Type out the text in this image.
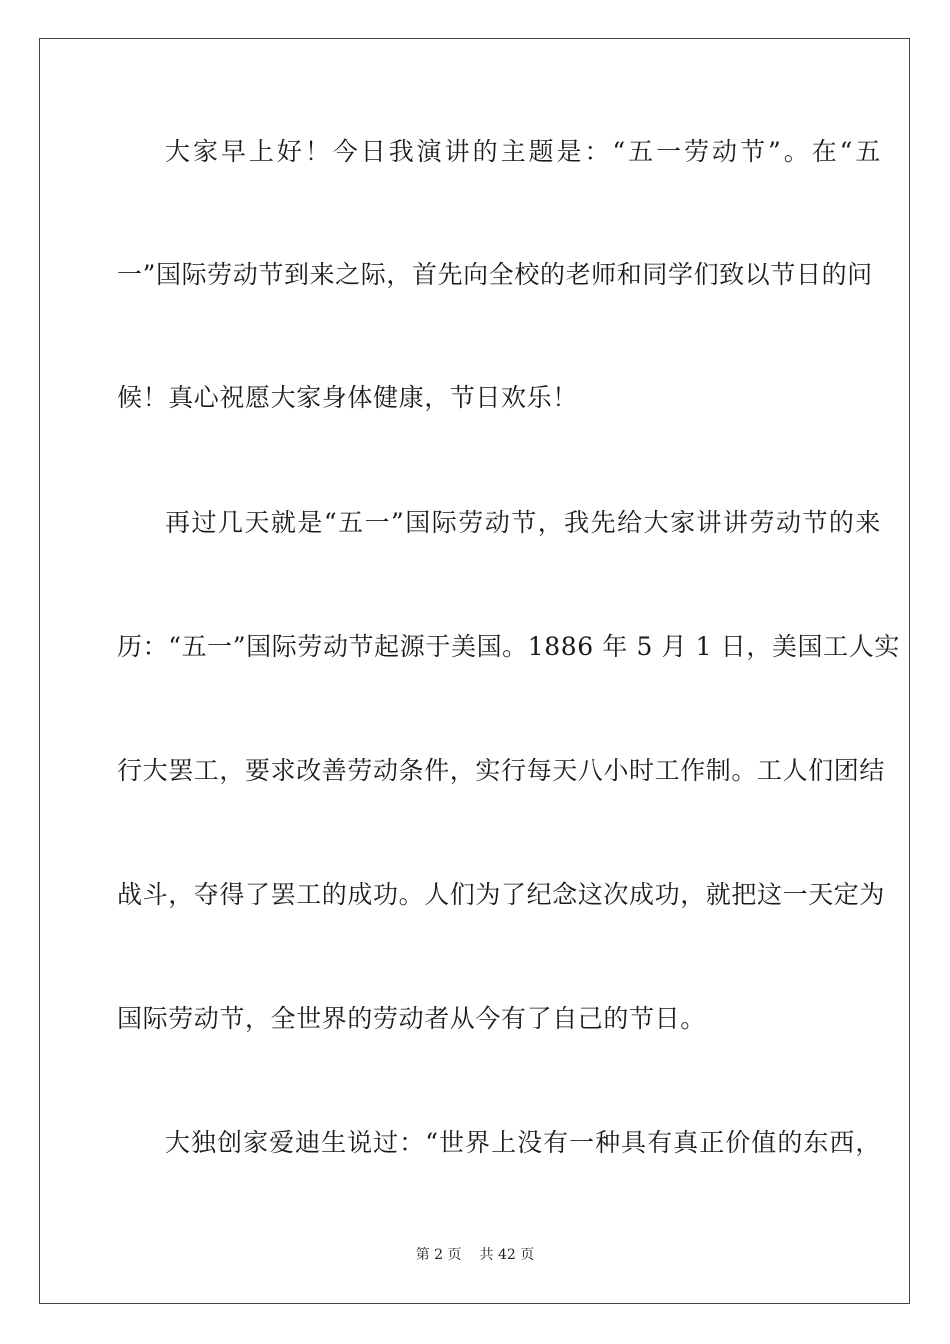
大家早上好！今日我演讲的主题是：“五一劳动节”。在“五
一”国际劳动节到来之际，首先向全校的老师和同学们致以节日的问
候！真心祝愿大家身体健康，节日欢乐！
再过几天就是“五一”国际劳动节，我先给大家讲讲劳动节的来
历：“五一”国际劳动节起源于美国。1886 年 5 月 1 日，美国工人实
行大罢工，要求改善劳动条件，实行每天八小时工作制。工人们团结
战斗，夺得了罢工的成功。人们为了纪念这次成功，就把这一天定为
国际劳动节，全世界的劳动者从今有了自己的节日。
大独创家爱迪生说过：“世界上没有一种具有真正价值的东西，
第 2 页 共 42 页
